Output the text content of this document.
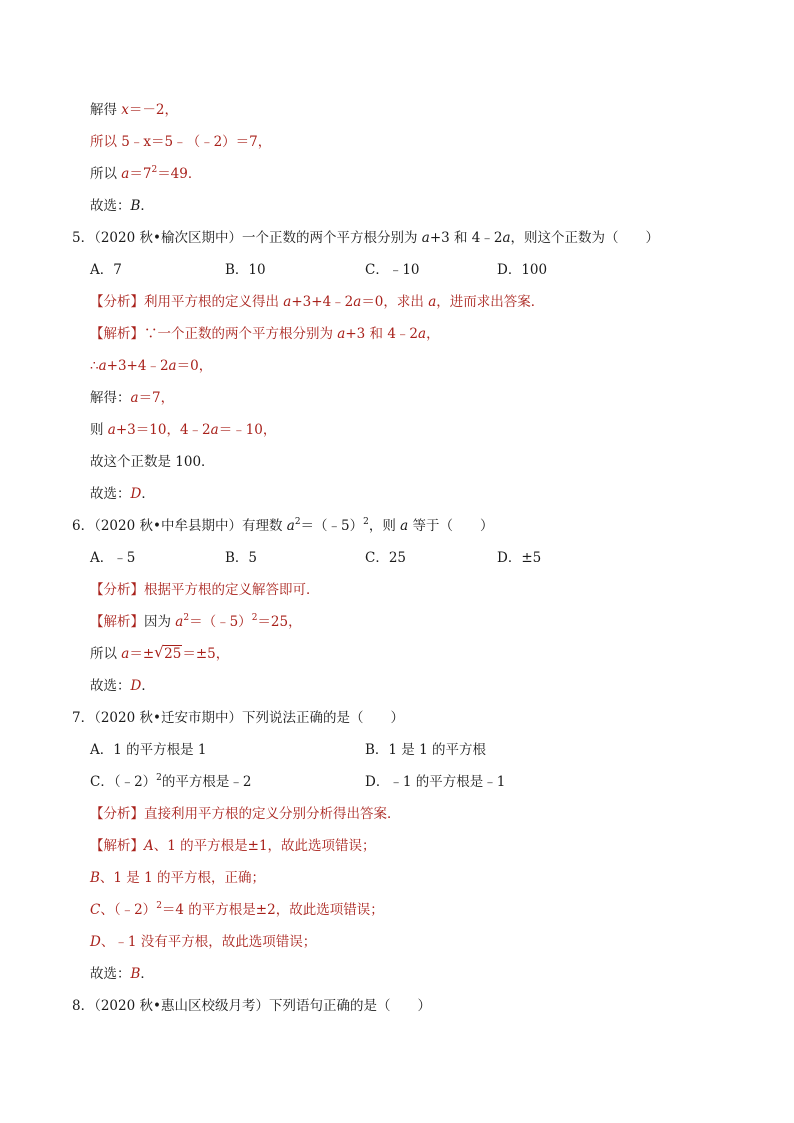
解得 x＝－2，
所以 5﹣x＝5﹣（﹣2）＝7，
所以 $a=7^2=49$．
故选：B．
5．（2020 秋•榆次区期中）一个正数的两个平方根分别为 a+3 和 4﹣2a，则这个正数为（　　）
A．7	B．10	C．﹣10	D．100
【分析】利用平方根的定义得出 a+3+4﹣2a＝0，求出 a，进而求出答案．
【解析】∵一个正数的两个平方根分别为 a+3 和 4﹣2a，
∴a+3+4﹣2a＝0，
解得：a＝7，
则 a+3＝10，4﹣2a＝﹣10，
故这个正数是 100．
故选：D．
6．（2020 秋•中牟县期中）有理数 $a^2=(﹣5)^2$，则 a 等于（　　）
A．﹣5	B．5	C．25	D．±5
【分析】根据平方根的定义解答即可．
【解析】因为 $a^2=(﹣5)^2=25$，
所以 a＝± √ 25＝±5，
故选：D．
7．（2020 秋•迁安市期中）下列说法正确的是（　　）
A．1 的平方根是 1	B．1 是 1 的平方根
C．（﹣2）$^2$的平方根是﹣2	D．﹣1 的平方根是﹣1
【分析】直接利用平方根的定义分别分析得出答案．
【解析】A、1 的平方根是±1，故此选项错误；
B、1 是 1 的平方根，正确；
C、（﹣2）$^2$＝4 的平方根是±2，故此选项错误；
D、﹣1 没有平方根，故此选项错误；
故选：B．
8．（2020 秋•惠山区校级月考）下列语句正确的是（　　）
